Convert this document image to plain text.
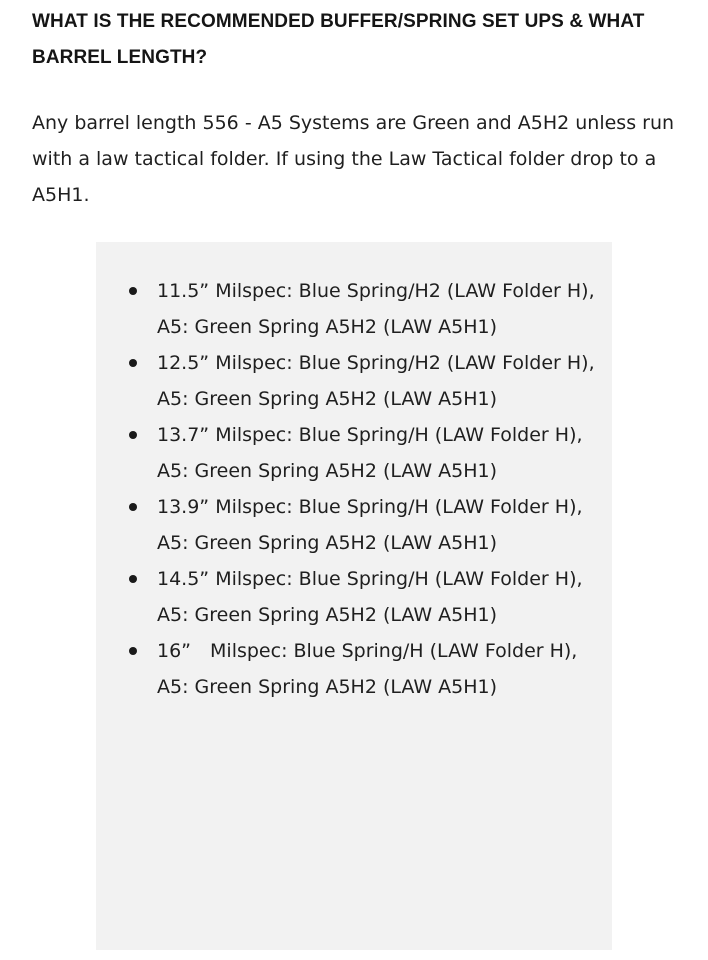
WHAT IS THE RECOMMENDED BUFFER/SPRING SET UPS & WHAT BARREL LENGTH?

Any barrel length 556 - A5 Systems are Green and A5H2 unless run with a law tactical folder. If using the Law Tactical folder drop to a A5H1.

11.5” Milspec: Blue Spring/H2 (LAW Folder H), A5: Green Spring A5H2 (LAW A5H1)
12.5” Milspec: Blue Spring/H2 (LAW Folder H), A5: Green Spring A5H2 (LAW A5H1)
13.7” Milspec: Blue Spring/H (LAW Folder H), A5: Green Spring A5H2 (LAW A5H1)
13.9” Milspec: Blue Spring/H (LAW Folder H), A5: Green Spring A5H2 (LAW A5H1)
14.5” Milspec: Blue Spring/H (LAW Folder H), A5: Green Spring A5H2 (LAW A5H1)
16” Milspec: Blue Spring/H (LAW Folder H), A5: Green Spring A5H2 (LAW A5H1)
